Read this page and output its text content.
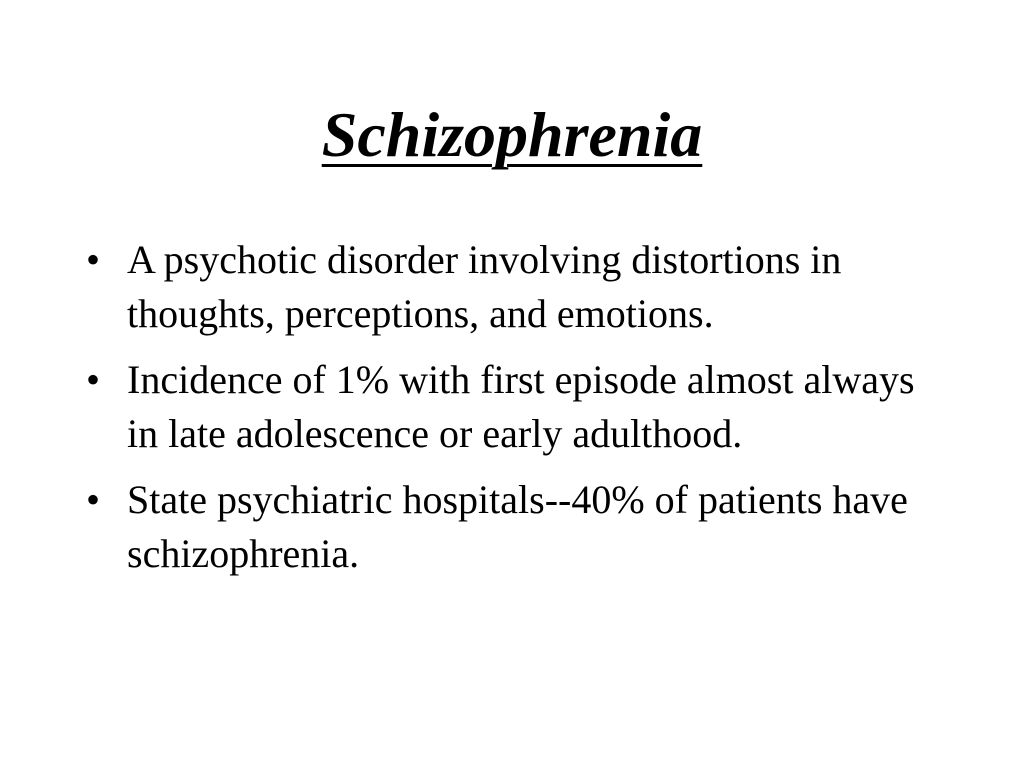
Schizophrenia
• A psychotic disorder involving distortions in thoughts, perceptions, and emotions.
• Incidence of 1% with first episode almost always in late adolescence or early adulthood.
• State psychiatric hospitals--40% of patients have schizophrenia.
